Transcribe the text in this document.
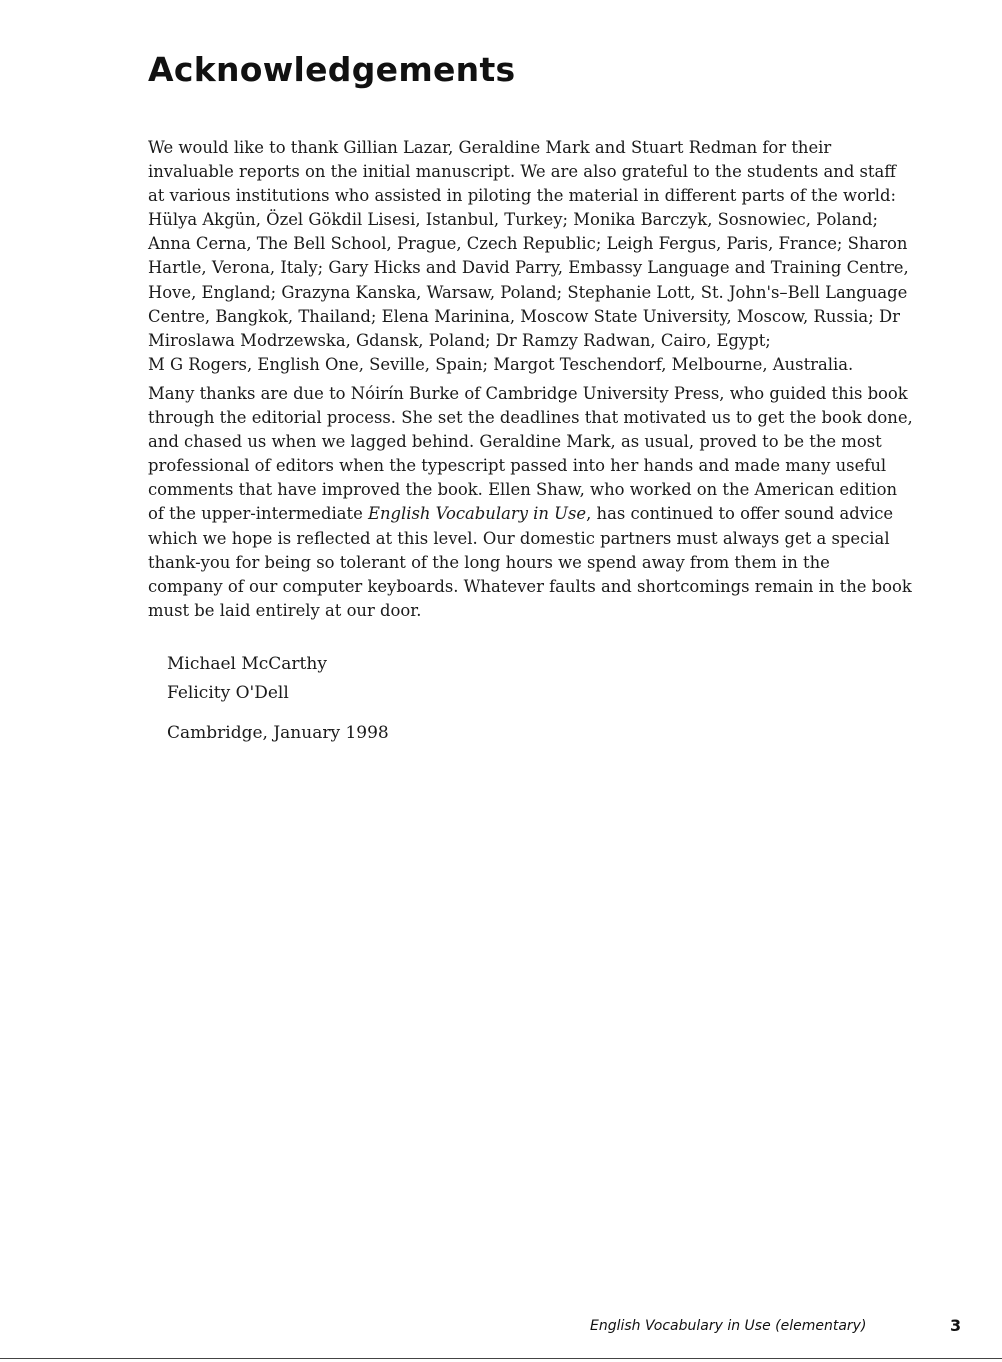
Acknowledgements

We would like to thank Gillian Lazar, Geraldine Mark and Stuart Redman for their
invaluable reports on the initial manuscript. We are also grateful to the students and staff
at various institutions who assisted in piloting the material in different parts of the world:
Hülya Akgün, Özel Gökdil Lisesi, Istanbul, Turkey; Monika Barczyk, Sosnowiec, Poland;
Anna Cerna, The Bell School, Prague, Czech Republic; Leigh Fergus, Paris, France; Sharon
Hartle, Verona, Italy; Gary Hicks and David Parry, Embassy Language and Training Centre,
Hove, England; Grazyna Kanska, Warsaw, Poland; Stephanie Lott, St. John's–Bell Language
Centre, Bangkok, Thailand; Elena Marinina, Moscow State University, Moscow, Russia; Dr
Miroslawa Modrzewska, Gdansk, Poland; Dr Ramzy Radwan, Cairo, Egypt;
M G Rogers, English One, Seville, Spain; Margot Teschendorf, Melbourne, Australia.

Many thanks are due to Nóirín Burke of Cambridge University Press, who guided this book
through the editorial process. She set the deadlines that motivated us to get the book done,
and chased us when we lagged behind. Geraldine Mark, as usual, proved to be the most
professional of editors when the typescript passed into her hands and made many useful
comments that have improved the book. Ellen Shaw, who worked on the American edition
of the upper-intermediate English Vocabulary in Use, has continued to offer sound advice
which we hope is reflected at this level. Our domestic partners must always get a special
thank-you for being so tolerant of the long hours we spend away from them in the
company of our computer keyboards. Whatever faults and shortcomings remain in the book
must be laid entirely at our door.

Michael McCarthy
Felicity O'Dell
Cambridge, January 1998
English Vocabulary in Use (elementary)	3
